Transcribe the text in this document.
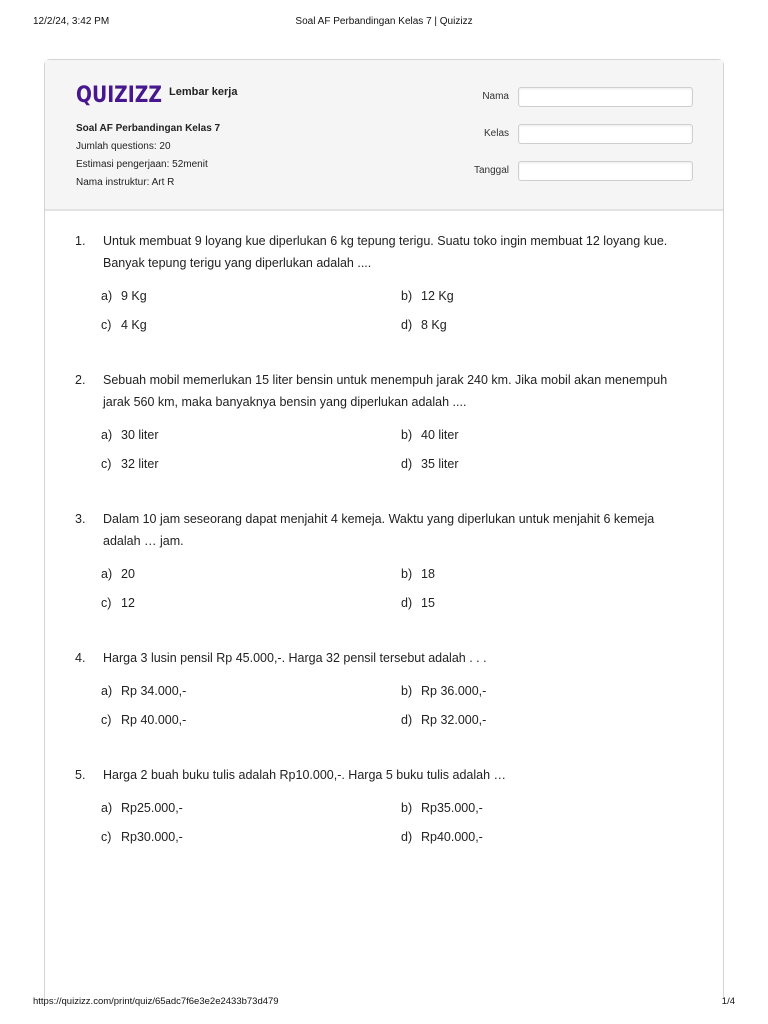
12/2/24, 3:42 PM	Soal AF Perbandingan Kelas 7 | Quizizz
QUIZIZZ Lembar kerja
Soal AF Perbandingan Kelas 7
Jumlah questions: 20
Estimasi pengerjaan: 52menit
Nama instruktur: Art R
Nama
Kelas
Tanggal
1. Untuk membuat 9 loyang kue diperlukan 6 kg tepung terigu. Suatu toko ingin membuat 12 loyang kue. Banyak tepung terigu yang diperlukan adalah ....
a) 9 Kg	b) 12 Kg
c) 4 Kg	d) 8 Kg
2. Sebuah mobil memerlukan 15 liter bensin untuk menempuh jarak 240 km. Jika mobil akan menempuh jarak 560 km, maka banyaknya bensin yang diperlukan adalah ....
a) 30 liter	b) 40 liter
c) 32 liter	d) 35 liter
3. Dalam 10 jam seseorang dapat menjahit 4 kemeja. Waktu yang diperlukan untuk menjahit 6 kemeja adalah … jam.
a) 20	b) 18
c) 12	d) 15
4. Harga 3 lusin pensil Rp 45.000,-. Harga 32 pensil tersebut adalah . . .
a) Rp 34.000,-	b) Rp 36.000,-
c) Rp 40.000,-	d) Rp 32.000,-
5. Harga 2 buah buku tulis adalah Rp10.000,-. Harga 5 buku tulis adalah …
a) Rp25.000,-	b) Rp35.000,-
c) Rp30.000,-	d) Rp40.000,-
https://quizizz.com/print/quiz/65adc7f6e3e2e2433b73d479	1/4
